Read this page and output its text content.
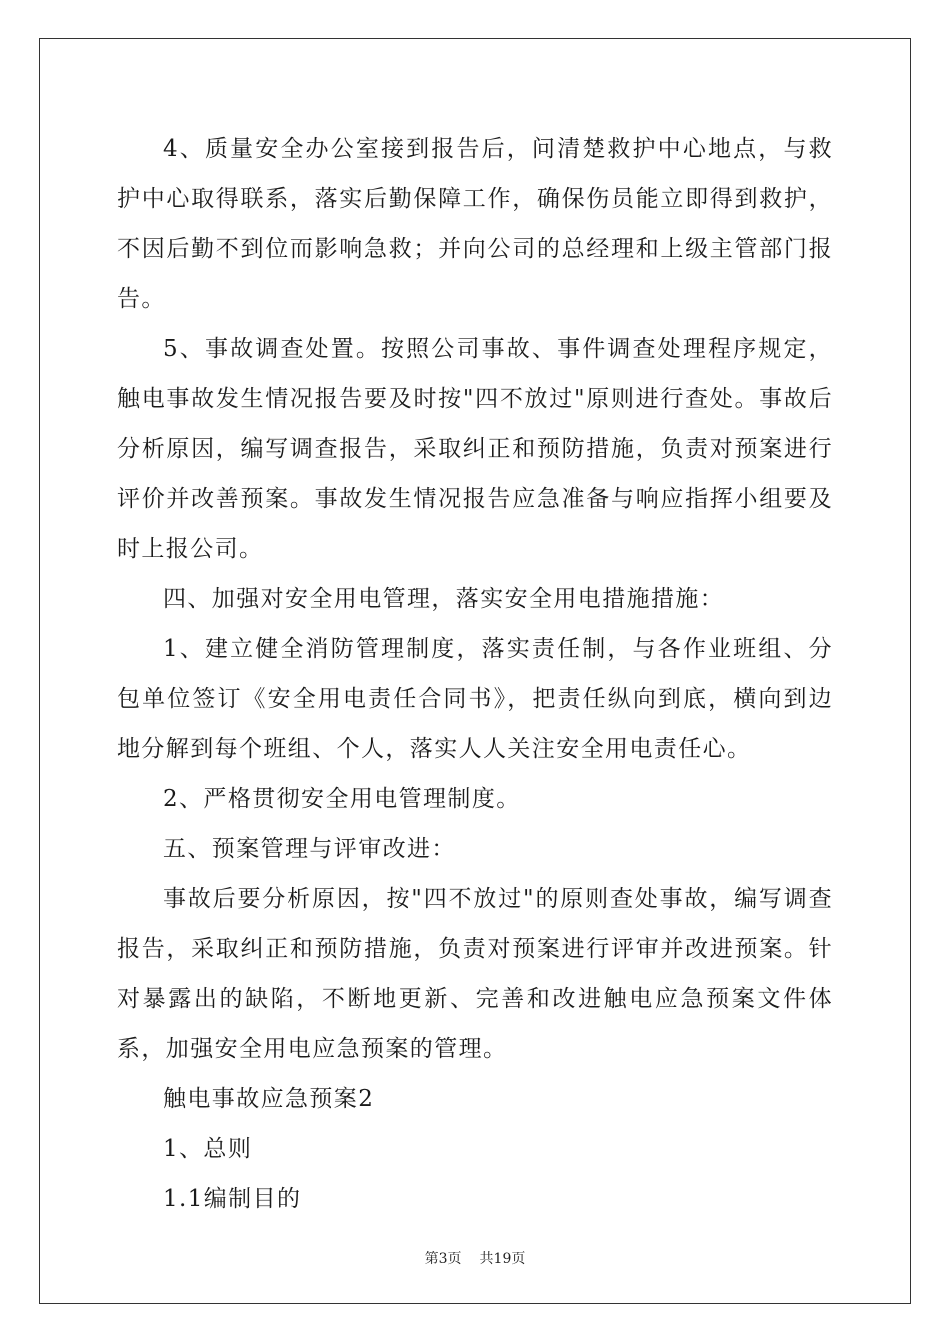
4、质量安全办公室接到报告后，问清楚救护中心地点，与救护中心取得联系，落实后勤保障工作，确保伤员能立即得到救护，不因后勤不到位而影响急救；并向公司的总经理和上级主管部门报告。

5、事故调查处置。按照公司事故、事件调查处理程序规定，触电事故发生情况报告要及时按"四不放过"原则进行查处。事故后分析原因，编写调查报告，采取纠正和预防措施，负责对预案进行评价并改善预案。事故发生情况报告应急准备与响应指挥小组要及时上报公司。

四、加强对安全用电管理，落实安全用电措施措施：

1、建立健全消防管理制度，落实责任制，与各作业班组、分包单位签订《安全用电责任合同书》，把责任纵向到底，横向到边地分解到每个班组、个人，落实人人关注安全用电责任心。

2、严格贯彻安全用电管理制度。

五、预案管理与评审改进：

事故后要分析原因，按"四不放过"的原则查处事故，编写调查报告，采取纠正和预防措施，负责对预案进行评审并改进预案。针对暴露出的缺陷，不断地更新、完善和改进触电应急预案文件体系，加强安全用电应急预案的管理。

触电事故应急预案2

1、总则

1.1编制目的

第3页 共19页
